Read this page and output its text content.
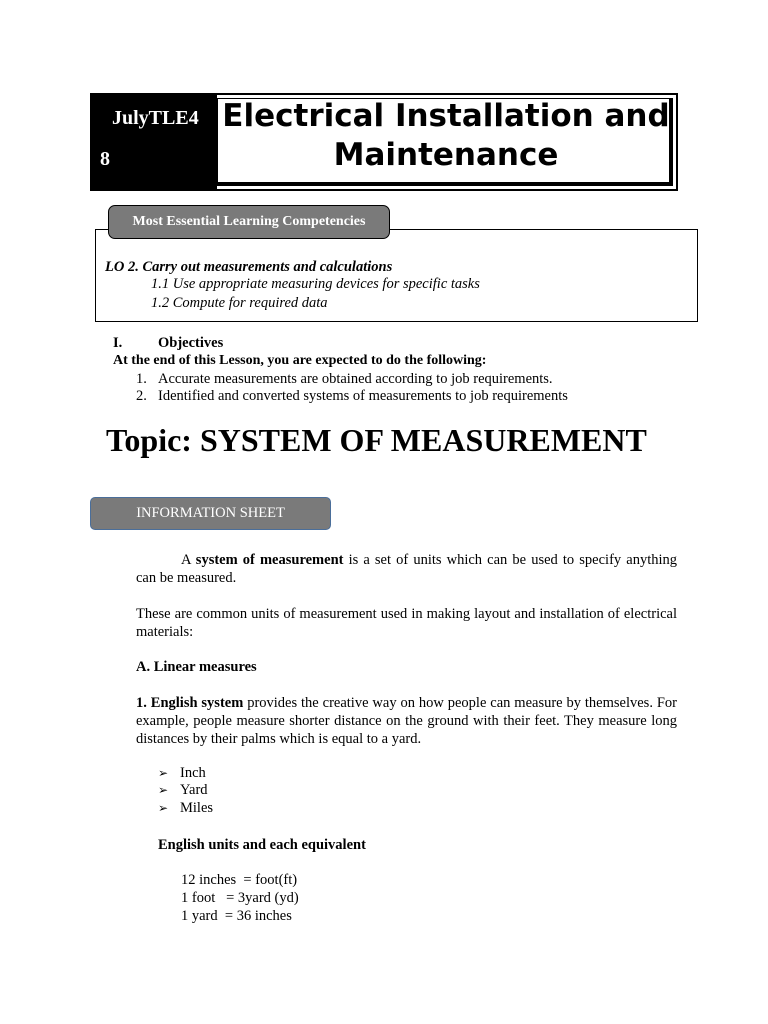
JulyTLE4
8
Electrical Installation and
Maintenance
Most Essential Learning Competencies
LO 2. Carry out measurements and calculations
1.1 Use appropriate measuring devices for specific tasks
1.2 Compute for required data
I. Objectives
At the end of this Lesson, you are expected to do the following:
1. Accurate measurements are obtained according to job requirements.
2. Identified and converted systems of measurements to job requirements
Topic: SYSTEM OF MEASUREMENT
INFORMATION SHEET
A system of measurement is a set of units which can be used to specify anything can be measured.
These are common units of measurement used in making layout and installation of electrical materials:
A. Linear measures
1. English system provides the creative way on how people can measure by themselves. For example, people measure shorter distance on the ground with their feet. They measure long distances by their palms which is equal to a yard.
➢ Inch
➢ Yard
➢ Miles
English units and each equivalent
12 inches  = foot(ft)
1 foot   = 3yard (yd)
1 yard  = 36 inches
